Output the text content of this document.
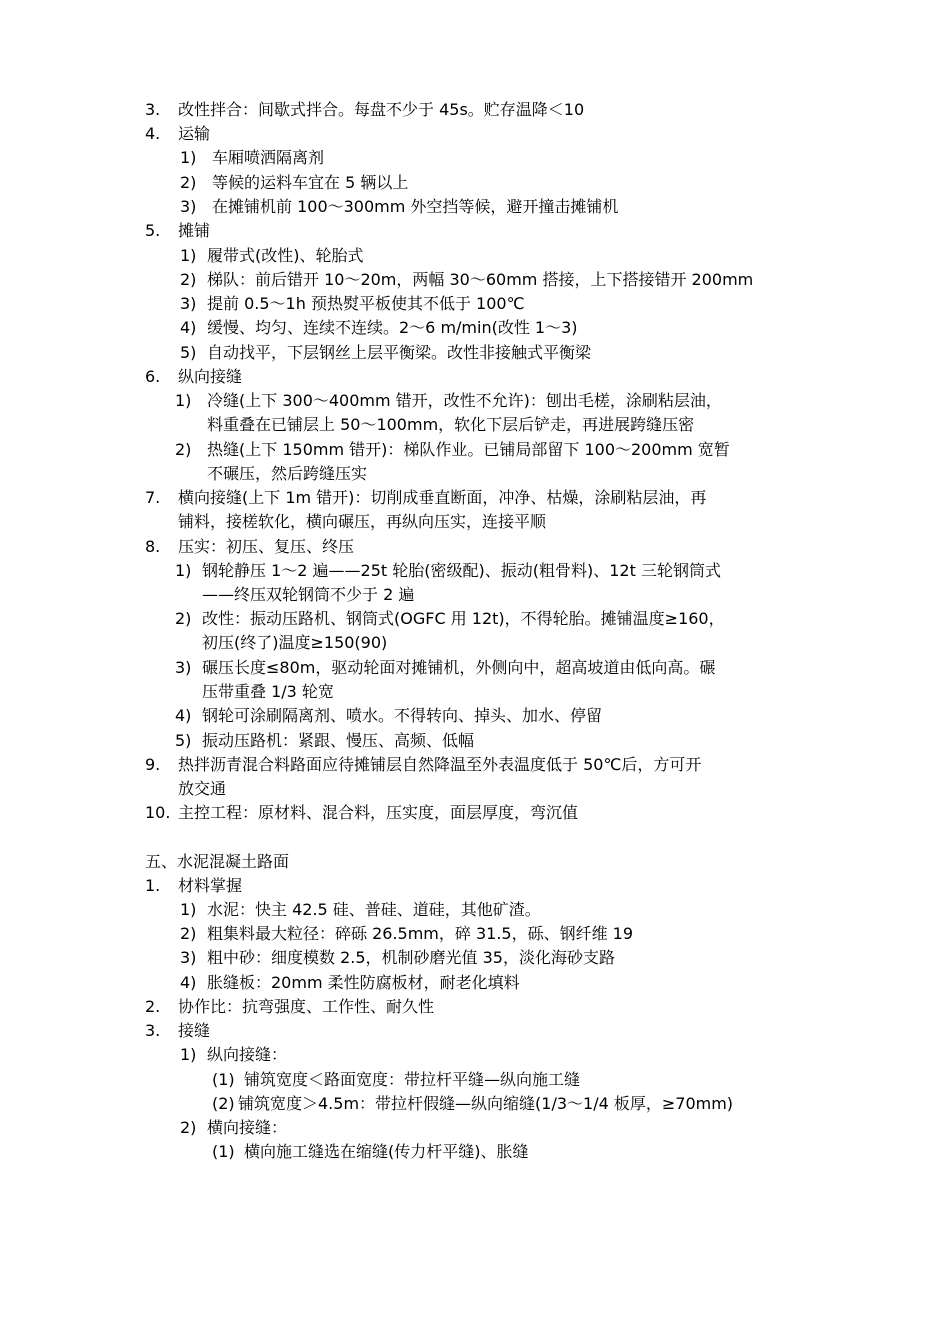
3. 改性拌合：间歇式拌合。每盘不少于 45s。贮存温降＜10
4. 运输
1) 车厢喷洒隔离剂
2) 等候的运料车宜在 5 辆以上
3) 在摊铺机前 100～300mm 外空挡等候，避开撞击摊铺机
5. 摊铺
1) 履带式(改性)、轮胎式
2) 梯队：前后错开 10～20m，两幅 30～60mm 搭接，上下搭接错开 200mm
3) 提前 0.5～1h 预热熨平板使其不低于 100℃
4) 缓慢、均匀、连续不连续。2～6 m/min(改性 1～3)
5) 自动找平，下层钢丝上层平衡梁。改性非接触式平衡梁
6. 纵向接缝
1) 冷缝(上下 300～400mm 错开，改性不允许)：刨出毛槎，涂刷粘层油，
料重叠在已铺层上 50～100mm，软化下层后铲走，再进展跨缝压密
2) 热缝(上下 150mm 错开)：梯队作业。已铺局部留下 100～200mm 宽暂
不碾压，然后跨缝压实
7. 横向接缝(上下 1m 错开)：切削成垂直断面，冲净、枯燥，涂刷粘层油，再
铺料，接槎软化，横向碾压，再纵向压实，连接平顺
8. 压实：初压、复压、终压
1) 钢轮静压 1～2 遍——25t 轮胎(密级配)、振动(粗骨料)、12t 三轮钢筒式
——终压双轮钢筒不少于 2 遍
2) 改性：振动压路机、钢筒式(OGFC 用 12t)，不得轮胎。摊铺温度≥160，
初压(终了)温度≥150(90)
3) 碾压长度≤80m，驱动轮面对摊铺机，外侧向中，超高坡道由低向高。碾
压带重叠 1/3 轮宽
4) 钢轮可涂刷隔离剂、喷水。不得转向、掉头、加水、停留
5) 振动压路机：紧跟、慢压、高频、低幅
9. 热拌沥青混合料路面应待摊铺层自然降温至外表温度低于 50℃后，方可开
放交通
10. 主控工程：原材料、混合料，压实度，面层厚度，弯沉值
五、水泥混凝土路面
1. 材料掌握
1) 水泥：快主 42.5 硅、普硅、道硅，其他矿渣。
2) 粗集料最大粒径：碎砾 26.5mm，碎 31.5，砾、钢纤维 19
3) 粗中砂：细度模数 2.5，机制砂磨光值 35，淡化海砂支路
4) 胀缝板：20mm 柔性防腐板材，耐老化填料
2. 协作比：抗弯强度、工作性、耐久性
3. 接缝
1) 纵向接缝：
(1) 铺筑宽度＜路面宽度：带拉杆平缝—纵向施工缝
(2) 铺筑宽度＞4.5m：带拉杆假缝—纵向缩缝(1/3～1/4 板厚，≥70mm)
2) 横向接缝：
(1) 横向施工缝选在缩缝(传力杆平缝)、胀缝
